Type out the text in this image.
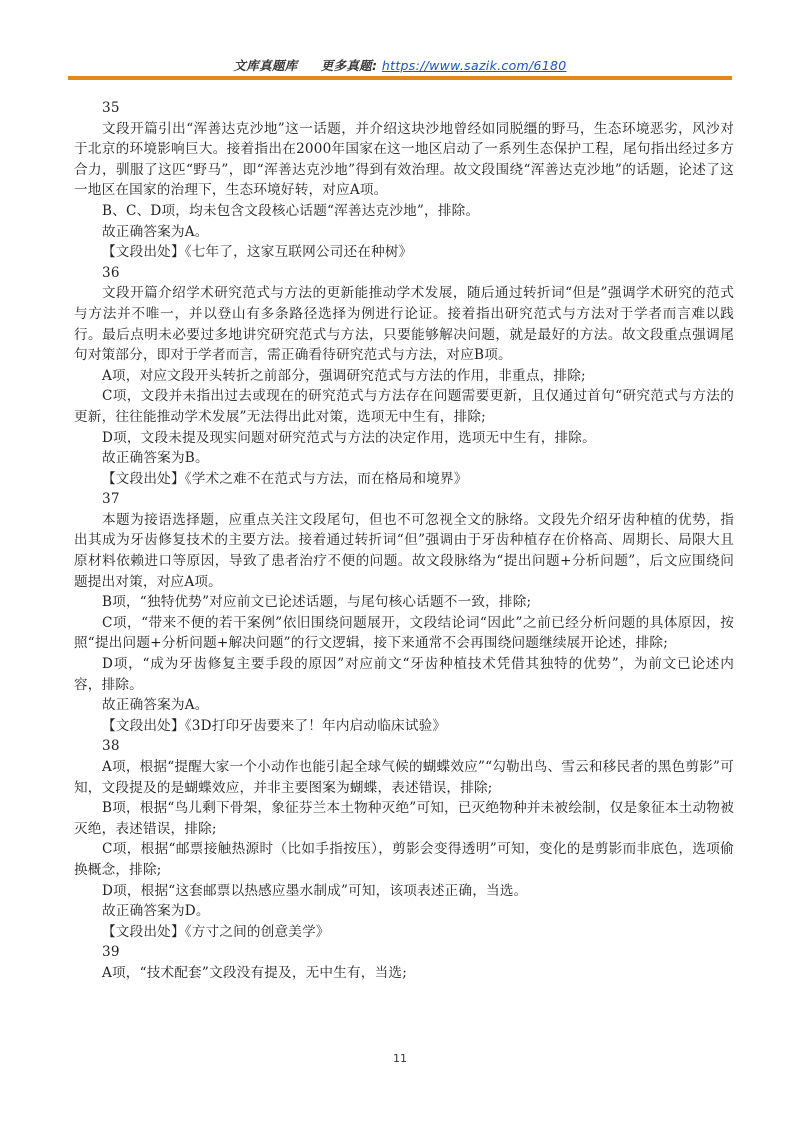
文库真题库 更多真题: https://www.sazik.com/6180

35

文段开篇引出“浑善达克沙地”这一话题，并介绍这块沙地曾经如同脱缰的野马，生态环境恶劣，风沙对于北京的环境影响巨大。接着指出在2000年国家在这一地区启动了一系列生态保护工程，尾句指出经过多方合力，驯服了这匹“野马”，即“浑善达克沙地”得到有效治理。故文段围绕“浑善达克沙地”的话题，论述了这一地区在国家的治理下，生态环境好转，对应A项。

B、C、D项，均未包含文段核心话题“浑善达克沙地”，排除。

故正确答案为A。

【文段出处】《七年了，这家互联网公司还在种树》

36

文段开篇介绍学术研究范式与方法的更新能推动学术发展，随后通过转折词“但是”强调学术研究的范式与方法并不唯一，并以登山有多条路径选择为例进行论证。接着指出研究范式与方法对于学者而言难以践行。最后点明未必要过多地讲究研究范式与方法，只要能够解决问题，就是最好的方法。故文段重点强调尾句对策部分，即对于学者而言，需正确看待研究范式与方法，对应B项。

A项，对应文段开头转折之前部分，强调研究范式与方法的作用，非重点，排除;

C项，文段并未指出过去或现在的研究范式与方法存在问题需要更新，且仅通过首句“研究范式与方法的更新，往往能推动学术发展”无法得出此对策，选项无中生有，排除;

D项，文段未提及现实问题对研究范式与方法的决定作用，选项无中生有，排除。

故正确答案为B。

【文段出处】《学术之难不在范式与方法，而在格局和境界》

37

本题为接语选择题，应重点关注文段尾句，但也不可忽视全文的脉络。文段先介绍牙齿种植的优势，指出其成为牙齿修复技术的主要方法。接着通过转折词“但”强调由于牙齿种植存在价格高、周期长、局限大且原材料依赖进口等原因，导致了患者治疗不便的问题。故文段脉络为“提出问题+分析问题”，后文应围绕问题提出对策，对应A项。

B项，“独特优势”对应前文已论述话题，与尾句核心话题不一致，排除;

C项，“带来不便的若干案例”依旧围绕问题展开，文段结论词“因此”之前已经分析问题的具体原因，按照“提出问题+分析问题+解决问题”的行文逻辑，接下来通常不会再围绕问题继续展开论述，排除;

D项，“成为牙齿修复主要手段的原因”对应前文“牙齿种植技术凭借其独特的优势”，为前文已论述内容，排除。

故正确答案为A。

【文段出处】《3D打印牙齿要来了！年内启动临床试验》

38

A项，根据“提醒大家一个小动作也能引起全球气候的蝴蝶效应”“勾勒出鸟、雪云和移民者的黑色剪影”可知，文段提及的是蝴蝶效应，并非主要图案为蝴蝶，表述错误，排除;

B项，根据“鸟儿剩下骨架，象征芬兰本土物种灭绝”可知，已灭绝物种并未被绘制，仅是象征本土动物被灭绝，表述错误，排除;

C项，根据“邮票接触热源时（比如手指按压），剪影会变得透明”可知，变化的是剪影而非底色，选项偷换概念，排除;

D项，根据“这套邮票以热感应墨水制成”可知，该项表述正确，当选。

故正确答案为D。

【文段出处】《方寸之间的创意美学》

39

A项，“技术配套”文段没有提及，无中生有，当选;

11
